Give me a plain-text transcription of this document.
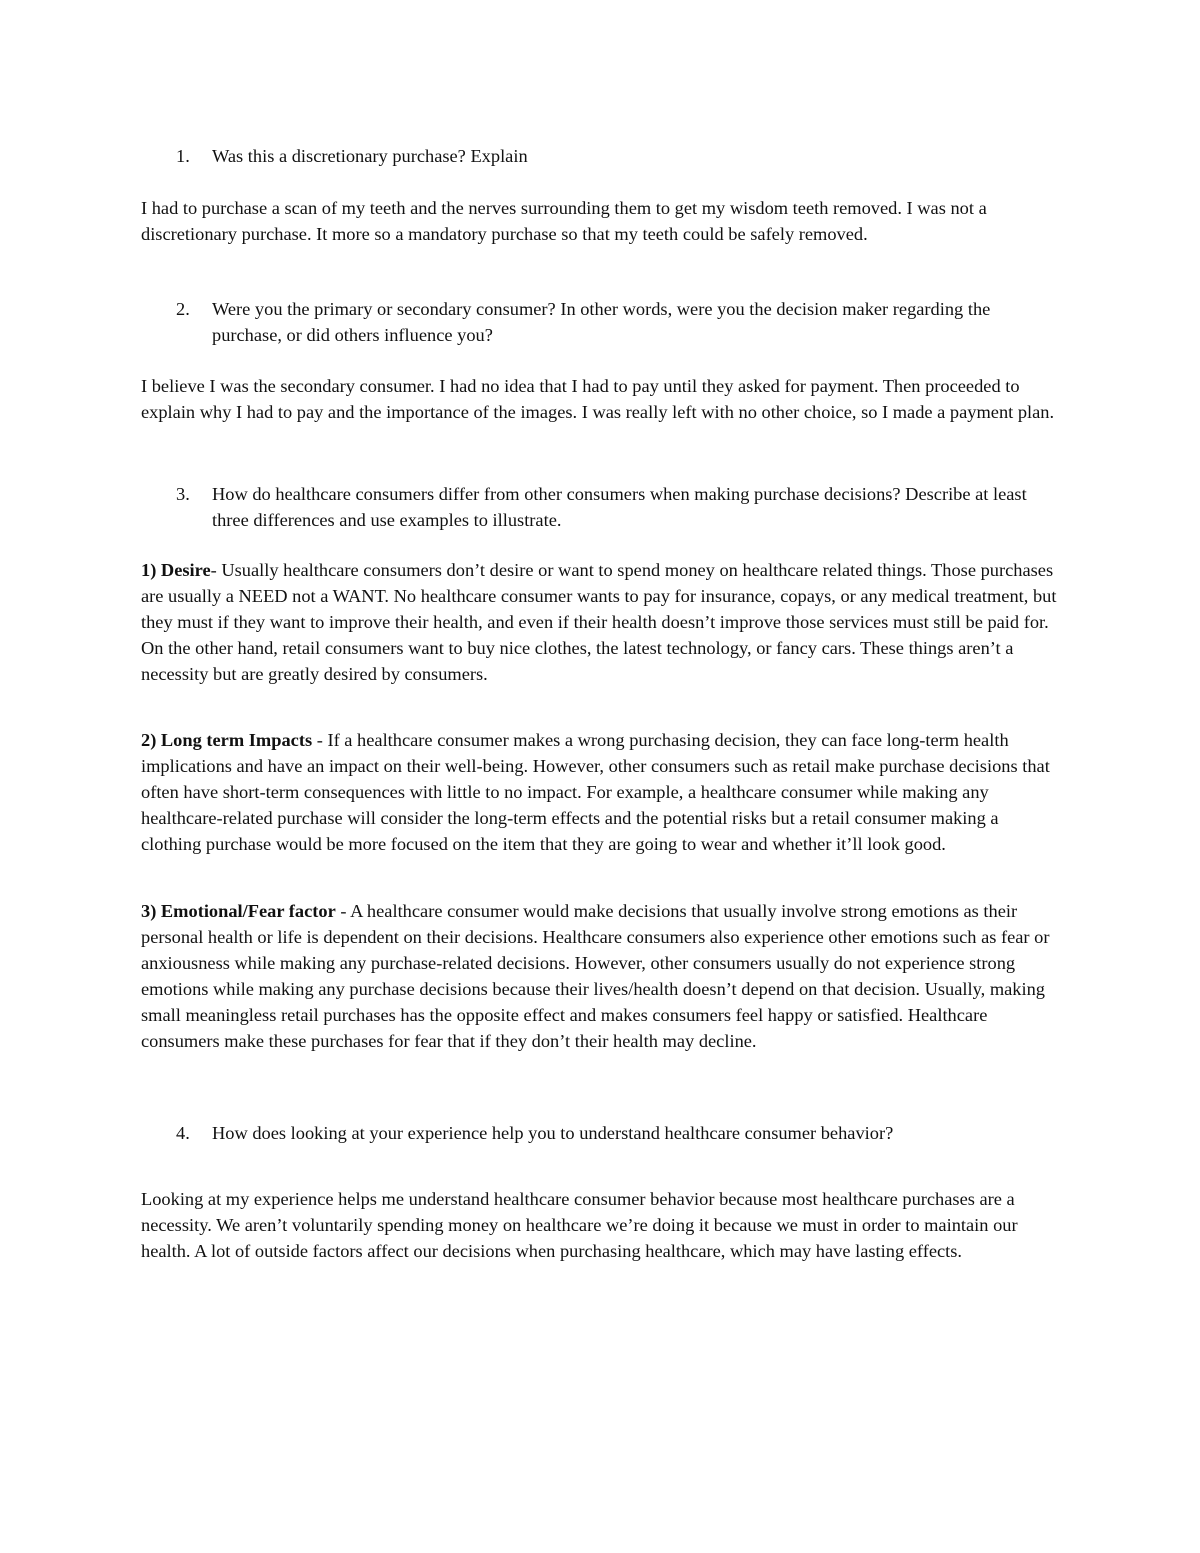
1.	Was this a discretionary purchase? Explain

I had to purchase a scan of my teeth and the nerves surrounding them to get my wisdom teeth removed. I was not a discretionary purchase. It more so a mandatory purchase so that my teeth could be safely removed.

2.	Were you the primary or secondary consumer? In other words, were you the decision maker regarding the purchase, or did others influence you?

I believe I was the secondary consumer. I had no idea that I had to pay until they asked for payment. Then proceeded to explain why I had to pay and the importance of the images. I was really left with no other choice, so I made a payment plan.

3.	How do healthcare consumers differ from other consumers when making purchase decisions? Describe at least three differences and use examples to illustrate.

1) Desire- Usually healthcare consumers don’t desire or want to spend money on healthcare related things. Those purchases are usually a NEED not a WANT. No healthcare consumer wants to pay for insurance, copays, or any medical treatment, but they must if they want to improve their health, and even if their health doesn’t improve those services must still be paid for. On the other hand, retail consumers want to buy nice clothes, the latest technology, or fancy cars. These things aren’t a necessity but are greatly desired by consumers.

2) Long term Impacts - If a healthcare consumer makes a wrong purchasing decision, they can face long-term health implications and have an impact on their well-being. However, other consumers such as retail make purchase decisions that often have short-term consequences with little to no impact. For example, a healthcare consumer while making any healthcare-related purchase will consider the long-term effects and the potential risks but a retail consumer making a clothing purchase would be more focused on the item that they are going to wear and whether it’ll look good.

3) Emotional/Fear factor - A healthcare consumer would make decisions that usually involve strong emotions as their personal health or life is dependent on their decisions. Healthcare consumers also experience other emotions such as fear or anxiousness while making any purchase-related decisions. However, other consumers usually do not experience strong emotions while making any purchase decisions because their lives/health doesn’t depend on that decision. Usually, making small meaningless retail purchases has the opposite effect and makes consumers feel happy or satisfied. Healthcare consumers make these purchases for fear that if they don’t their health may decline.

4.	How does looking at your experience help you to understand healthcare consumer behavior?

Looking at my experience helps me understand healthcare consumer behavior because most healthcare purchases are a necessity. We aren’t voluntarily spending money on healthcare we’re doing it because we must in order to maintain our health. A lot of outside factors affect our decisions when purchasing healthcare, which may have lasting effects.
